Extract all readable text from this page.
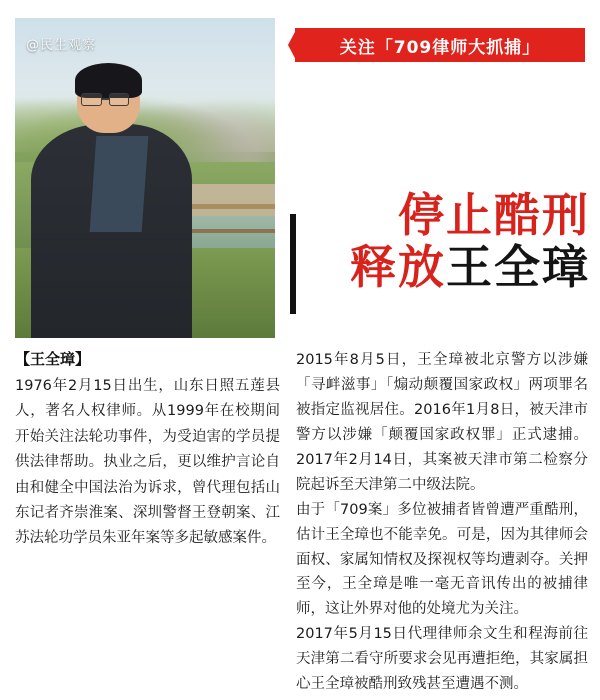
@民生观察	关注「709律师大抓捕」
停止酷刑
释放王全璋
【王全璋】
1976年2月15日出生，山东日照五莲县人，著名人权律师。从1999年在校期间开始关注法轮功事件，为受迫害的学员提供法律帮助。执业之后，更以维护言论自由和健全中国法治为诉求，曾代理包括山东记者齐崇淮案、深圳警督王登朝案、江苏法轮功学员朱亚年案等多起敏感案件。

2015年8月5日，王全璋被北京警方以涉嫌「寻衅滋事」「煽动颠覆国家政权」两项罪名被指定监视居住。2016年1月8日，被天津市警方以涉嫌「颠覆国家政权罪」正式逮捕。2017年2月14日，其案被天津市第二检察分院起诉至天津第二中级法院。

由于「709案」多位被捕者皆曾遭严重酷刑，估计王全璋也不能幸免。可是，因为其律师会面权、家属知情权及探视权等均遭剥夺。关押至今，王全璋是唯一毫无音讯传出的被捕律师，这让外界对他的处境尤为关注。

2017年5月15日代理律师余文生和程海前往天津第二看守所要求会见再遭拒绝，其家属担心王全璋被酷刑致残甚至遭遇不测。
